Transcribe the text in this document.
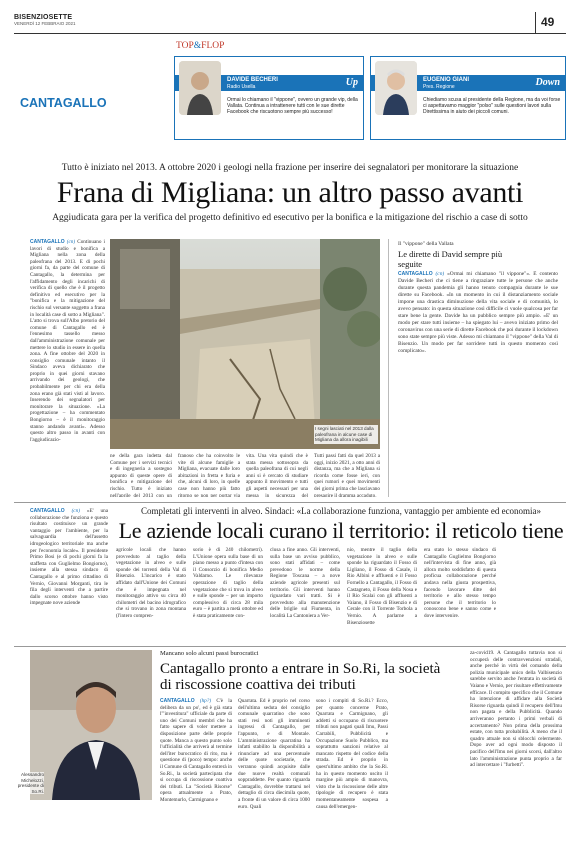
BISENZIOSETTE
VENERDÌ 12 FEBBRAIO 2021	49
CANTAGALLO
TOP&FLOP
DAVIDE BECHERI
Radio Usella	Up
Ormai lo chiamano il "vippone", ovvero un grande vip, della Vallata. Continua a intrattenere tutti con le sue dirette Facebook che riscuotono sempre più successo!
EUGENIO GIANI
Pres. Regione	Down
Chiediamo scusa al presidente della Regione, ma da voi forse ci aspettavamo maggior "polso" sulle questioni lavori sulla Direttissima in aiuto dei piccoli comuni.
Tutto è iniziato nel 2013. A ottobre 2020 i geologi nella frazione per inserire dei segnalatori per monitorare la situazione
Frana di Migliana: un altro passo avanti
Aggiudicata gara per la verifica del progetto definitivo ed esecutivo per la bonifica e la mitigazione del rischio a case di sotto
CANTAGALLO (cn) Continuano i lavori di studio e bonifica a Migliana nella zona della paleofrana del 2013. E di pochi giorni fa, da parte del comune di Cantagallo, la determina per l'affidamento degli incarichi di verifica di quello che è il progetto definitivo ed esecutivo per la "bonifica e la mitigazione del rischio sul versante soggetto a frana in località case di sotto a Migliana". L'atto si trova sull'Albo pretorio del comune di Cantagallo ed è l'ennesimo tassello messo dall'amministrazione comunale per mettere lo studio in essere in quella zona. A fine ottobre del 2020 in consiglio comunale intanto il Sindaco aveva dichiarato che proprio in quei giorni stavano arrivando dei geologi, che probabilmente per chi era della zona erano già stati visti al lavoro. Inserendo dei segnalatori per monitorare la situazione. «La progettazione – ha commentato Bongiorno – è il monitoraggio stanno andando avanti». Adesso questo altro passo in avanti con l'aggiudicazio-
I segni lasciati nel 2013 dalla paleofrana in alcune case di Migliana da allora inagibili
ne della gara indetta dal Comune per i servizi tecnici e di ingegneria a sostegno appunto di queste opere di bonifica e mitigazione del rischio. Tutto è iniziato nell'aprile del 2013 con un
franoso che ha coinvolto le vite di alcune famiglie a Migliana, evacuate dalle loro abitazioni in fretta e furia e che, alcuni di loro, in quelle case non hanno più fatto ritorno se non per portar via
vita. Una vita quindi che è stata messa sottosopra da quella paleofrana di cui negli anni si è cercato di studiare appunto il movimento e tutti gli aspetti necessari per una messa in sicurezza del
Tutti passi fatti da quel 2013 a oggi, inizio 2021, a otto anni di distanza, ma che a Migliana si ricorda come fosse ieri, con quei rumori e quei movimenti dei giorni prima che lasciavano presagire il dramma accaduto.
Il "vippone" della Vallata
Le dirette di David sempre più seguite
CANTAGALLO (cn) «Ormai mi chiamano "il vippone"». È contento Davide Becheri che ci tiene a ringraziare tutte le persone che anche durante questa pandemia gli hanno tenuto compagnia durante le sue dirette su Facebook. «In un momento in cui il distanziamento sociale impone una drastica diminuzione della vita sociale e di comunità, lo avevo pensato: in questa situazione così difficile ci vuole qualcosa per far stare bene la gente. Davide ha un pubblico sempre più ampio. «E' un modo per stare tutti insieme – ha spiegato lui – avevo iniziato primo del coronavirus con una serie di dirette Facebook che poi durante il lockdown sono state sempre più viste. Adesso mi chiamano il "vippone" della Val di Bisenzio. Un modo per far sorridere tutti in questo momento così complicato».
Completati gli interventi in alveo. Sindaci: «La collaborazione funziona, vantaggio per ambiente ed economia»
Le aziende locali curano il territorio: il reticolo tiene
CANTAGALLO (cn) «E' una collaborazione che funziona e questo risultato costituisce un grande vantaggio per l'ambiente, per la salvaguardia dell'assetto idrogeologico territoriale ma anche per l'economia locale». Il presidente Primo Bosi (e di pochi giorni fa la staffetta con Guglielmo Bongiorno), insieme alla stessa sindaco di Cantagallo e al primo cittadino di Vernio, Giovanni Morganti, tira le fila degli interventi che a partire dallo scorso ottobre hanno visto impegnate nove aziende
agricole locali che hanno provveduto al taglio della vegetazione in alveo e sulle sponde dei torrenti della Val di Bisenzio. L'incarico è stato affidato dall'Unione dei Comuni che è impegnata nel monitoraggio attivo su circa 40 chilometri del bacino idrografico che si trovano in zona montana (l'intero compren-
sorio è di 240 chilometri). L'Unione opera sulla base di un piano messo a punto d'intesa con il Consorzio di bonifica Medio Valdarno. Le rilevanze operazione di taglio della vegetazione che si trova in alveo e sulle sponde – per un importo complessivo di circa 28 mila euro – è partita a metà ottobre ed è stata praticamente con-
clusa a fine anno. Gli interventi, sulla base un avviso pubblico, sono stati affidati – come prevedono le norme della Regione Toscana – a nove aziende agricole presenti sul territorio. Gli interventi hanno riguardato vari tratti. Si è provveduto alla manutenzione delle briglie sul Fiumenta, in località La Cantoniera a Ver-
nio, mentre il taglio della vegetazione in alveo e sulle sponde ha riguardato il Fosso di Ligliano, il Fosso di Casale, il Rio Albini e affluenti e il Fosso Fornello a Cantagallo, il Fosso di Castagneto, il Fosso della Nosa e il Rio Scalai con gli affluenti a Vaiano, il Fosso di Bisenzio e di Cerale con il Torrente Torbola a Vernio. A parlarne a Bisenziosette
era stato lo stesso sindaco di Cantagallo Guglielmo Bongiorno nell'intervista di fine anno, già allora molto soddisfatto di questa proficua collaborazione perché andava nella giusta prospettiva, facendo lavorare ditte del territorio e allo stesso tempo persone che il territorio lo conoscono bene e sanno come e dove intervenire.
Alessandro Michelozzi, presidente di So.Ri.
Mancano solo alcuni passi burocratici
Cantagallo pronto a entrare in So.Ri, la società di riscossione coattiva dei tributi
CANTAGALLO (hp?) C'è la delibera da un po', ed è già stata l'"investitura" ufficiale da parte di uno dei Comuni membri che ha fatto sapere di voler mettere a disposizione parte delle proprie quote. Manca a questo punto solo l'ufficialità che arriverà al termine dell'iter burocratico di rito, ma è questione di (poco) tempo: anche il Comune di Cantagallo entrerà in So.Ri., la società partecipata che si occupa di riscossione coattiva dei tributi. La "Società Risorse" opera attualmente a Prato, Montemurlo, Carmignano e
Quarrata. Ed è proprio nel corso dell'ultima seduta del consiglio comunale quarratino che sono stati resi noti gli imminenti ingressi di Cantagallo, per l'appunto, e di Montale. L'amministrazione quarratina ha infatti stabilito la disponibilità a rinunciare ad una percentuale delle quote societarie, che verranno quindi acquisite dalle due nuove realtà comunali soppraddette. Per quanto riguarda Cantagallo, dovrebbe trattarsi nel dettaglio di circa diecimila quote, a fronte di un valore di circa 1000 euro. Quali
sono i compiti di So.Ri.? Ecco, per quanto concerne Prato, Quarrata e Carmignano, gli addetti si occupano di riscuotere tributi non pagati quali Imu, Passi Carrabili, Pubblicità e Occupazione Suolo Pubblico, ma soprattutto sanzioni relative al mancato rispetto del codice della strada. Ed è proprio in quest'ultimo ambito che la So.Ri. ha in questo momento uscito il margine più ampio di manovra, visto che la riscossione delle altre tipologie di recupero è stata momentaneamente sospesa a causa dell'emergen-
za-covid19. A Cantagallo tuttavia non si occuperà delle contravvenzioni stradali, anche perché in virtù del comando della polizia municipale unico della Valbisenzio sarebbe servito anche l'entrata in società di Vaiano e Vernio, per risultare effettivamente efficace. Il compito specifico che il Comune ha intenzione di affidare alla Società Risorse riguarda quindi il recupero dell'Imu non pagata e della Pubblicità. Quando arriveranno pertanto i primi verbali di accertamento? Non prima della prossima estate, con tutta probabilità. A meno che il quadro attuale non si sblocchi celermente. Dopo aver ad ogni modo disposto il pacifico dell'Imu nei giorni scorsi, dall'altro lato l'amministrazione punta proprio a far ad intercettare i "furbetti".
